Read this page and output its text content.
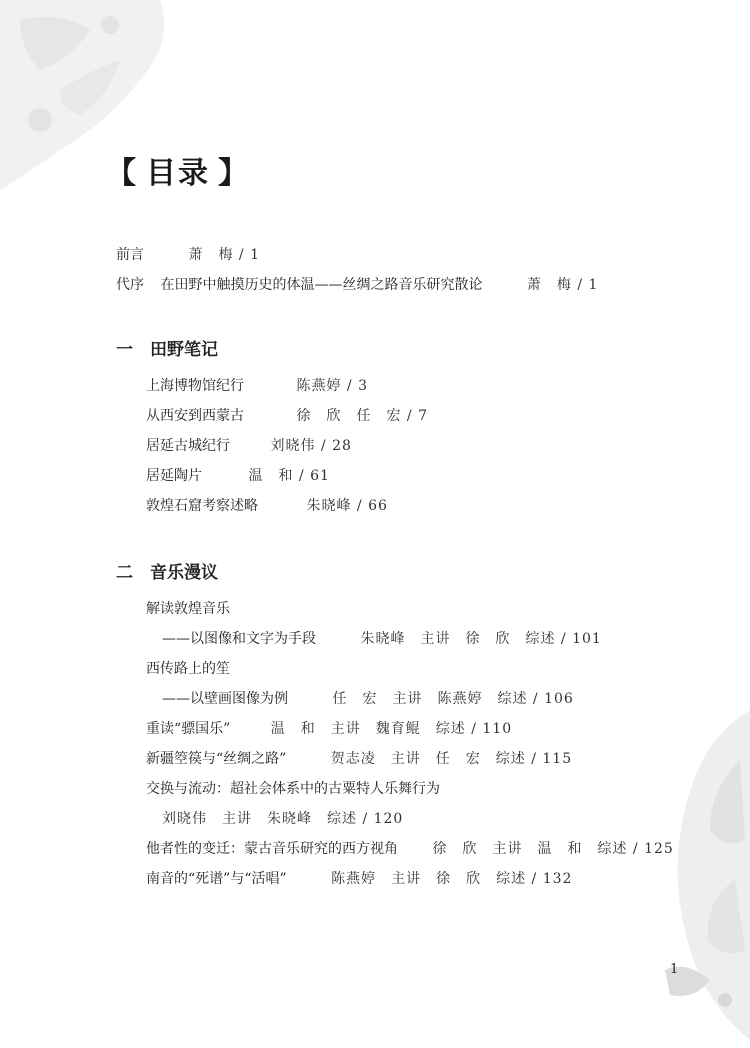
【 目录 】
前言	萧　梅 / 1
代序 在田野中触摸历史的体温——丝绸之路音乐研究散论	萧　梅 / 1
一 田野笔记
上海博物馆纪行	陈燕婷 / 3
从西安到西蒙古	徐　欣　任　宏 / 7
居延古城纪行	刘晓伟 / 28
居延陶片	温　和 / 61
敦煌石窟考察述略	朱晓峰 / 66
二 音乐漫议
解读敦煌音乐
——以图像和文字为手段	朱晓峰　主讲　徐　欣　综述 / 101
西传路上的笙
——以壁画图像为例	任　宏　主讲　陈燕婷　综述 / 106
重读“骠国乐”	温　和　主讲　魏育鲲　综述 / 110
新疆箜篌与“丝绸之路”	贺志凌　主讲　任　宏　综述 / 115
交换与流动：超社会体系中的古粟特人乐舞行为
刘晓伟　主讲　朱晓峰　综述 / 120
他者性的变迁：蒙古音乐研究的西方视角 徐　欣　主讲　温　和　综述 / 125
南音的“死谱”与“活唱”	陈燕婷　主讲　徐　欣　综述 / 132
1
